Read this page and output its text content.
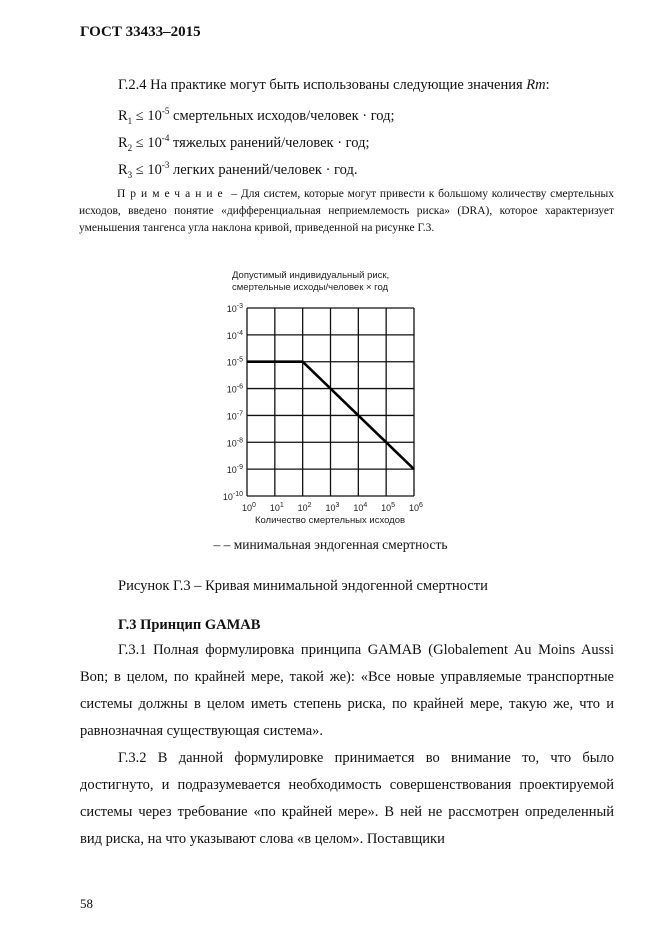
ГОСТ 33433–2015
Г.2.4 На практике могут быть использованы следующие значения Rm:
$R_1 \le 10^{-5}$ смертельных исходов/человек · год;
$R_2 \le 10^{-4}$ тяжелых ранений/человек · год;
$R_3 \le 10^{-3}$ легких ранений/человек · год.
Примечание – Для систем, которые могут привести к большому количеству смертельных исходов, введено понятие «дифференциальная неприемлемость риска» (DRA), которое характеризует уменьшения тангенса угла наклона кривой, приведенной на рисунке Г.3.
Допустимый индивидуальный риск,
смертельные исходы/человек × год
$10^{-3}$
$10^{-4}$
$10^{-5}$
$10^{-6}$
$10^{-7}$
$10^{-8}$
$10^{-9}$
$10^{-10}$
$10^0$ $10^1$ $10^2$ $10^3$ $10^4$ $10^5$ $10^6$
Количество смертельных исходов
– – минимальная эндогенная смертность
Рисунок Г.3 – Кривая минимальной эндогенной смертности
Г.3 Принцип GAMAB
Г.3.1 Полная формулировка принципа GAMAB (Globalement Au Moins Aussi Bon; в целом, по крайней мере, такой же): «Все новые управляемые транспортные системы должны в целом иметь степень риска, по крайней мере, такую же, что и равнозначная существующая система».
Г.3.2 В данной формулировке принимается во внимание то, что было достигнуто, и подразумевается необходимость совершенствования проектируемой системы через требование «по крайней мере». В ней не рассмотрен определенный вид риска, на что указывают слова «в целом». Поставщики
58
